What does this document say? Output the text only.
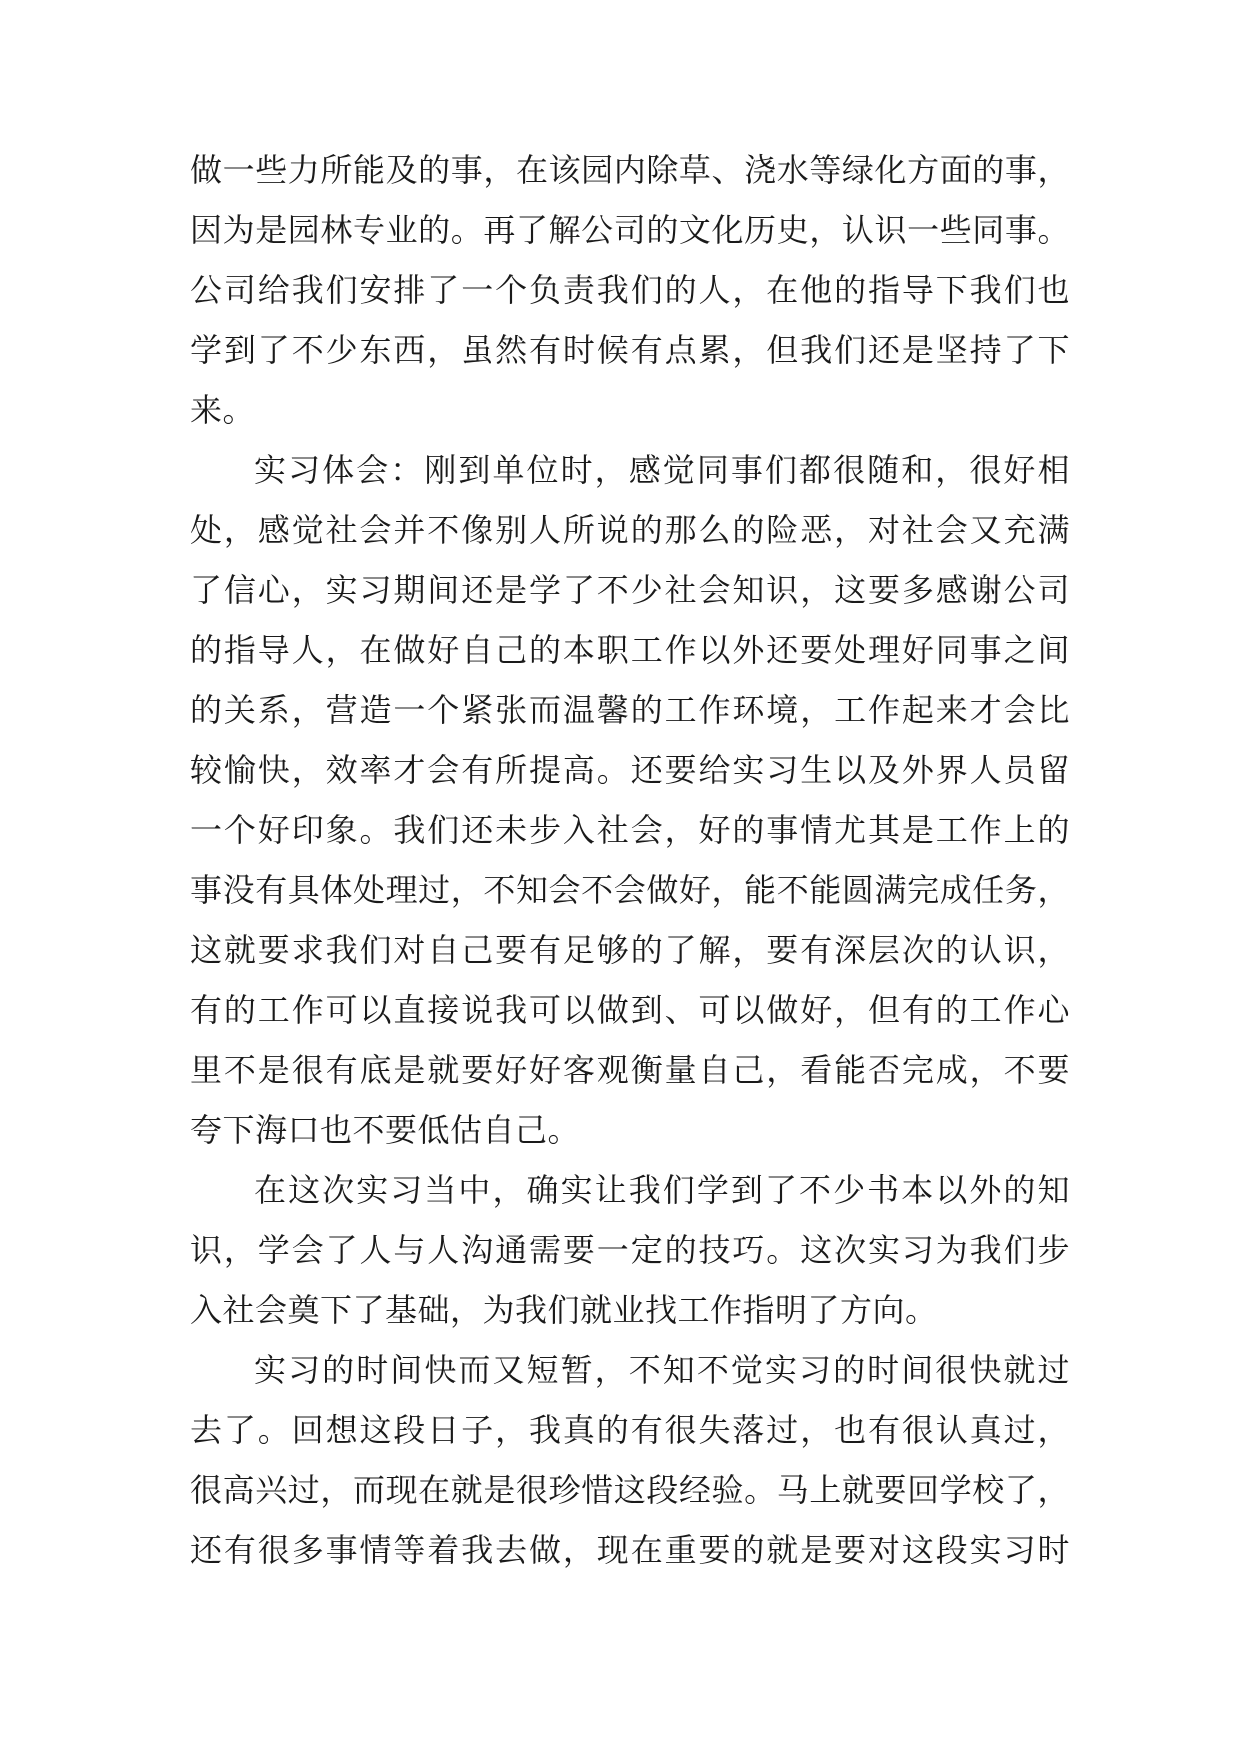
做一些力所能及的事，在该园内除草、浇水等绿化方面的事，
因为是园林专业的。再了解公司的文化历史，认识一些同事。
公司给我们安排了一个负责我们的人，在他的指导下我们也
学到了不少东西，虽然有时候有点累，但我们还是坚持了下
来。
实习体会：刚到单位时，感觉同事们都很随和，很好相
处，感觉社会并不像别人所说的那么的险恶，对社会又充满
了信心，实习期间还是学了不少社会知识，这要多感谢公司
的指导人，在做好自己的本职工作以外还要处理好同事之间
的关系，营造一个紧张而温馨的工作环境，工作起来才会比
较愉快，效率才会有所提高。还要给实习生以及外界人员留
一个好印象。我们还未步入社会，好的事情尤其是工作上的
事没有具体处理过，不知会不会做好，能不能圆满完成任务，
这就要求我们对自己要有足够的了解，要有深层次的认识，
有的工作可以直接说我可以做到、可以做好，但有的工作心
里不是很有底是就要好好客观衡量自己，看能否完成，不要
夸下海口也不要低估自己。
在这次实习当中，确实让我们学到了不少书本以外的知
识，学会了人与人沟通需要一定的技巧。这次实习为我们步
入社会奠下了基础，为我们就业找工作指明了方向。
实习的时间快而又短暂，不知不觉实习的时间很快就过
去了。回想这段日子，我真的有很失落过，也有很认真过，
很高兴过，而现在就是很珍惜这段经验。马上就要回学校了，
还有很多事情等着我去做，现在重要的就是要对这段实习时
